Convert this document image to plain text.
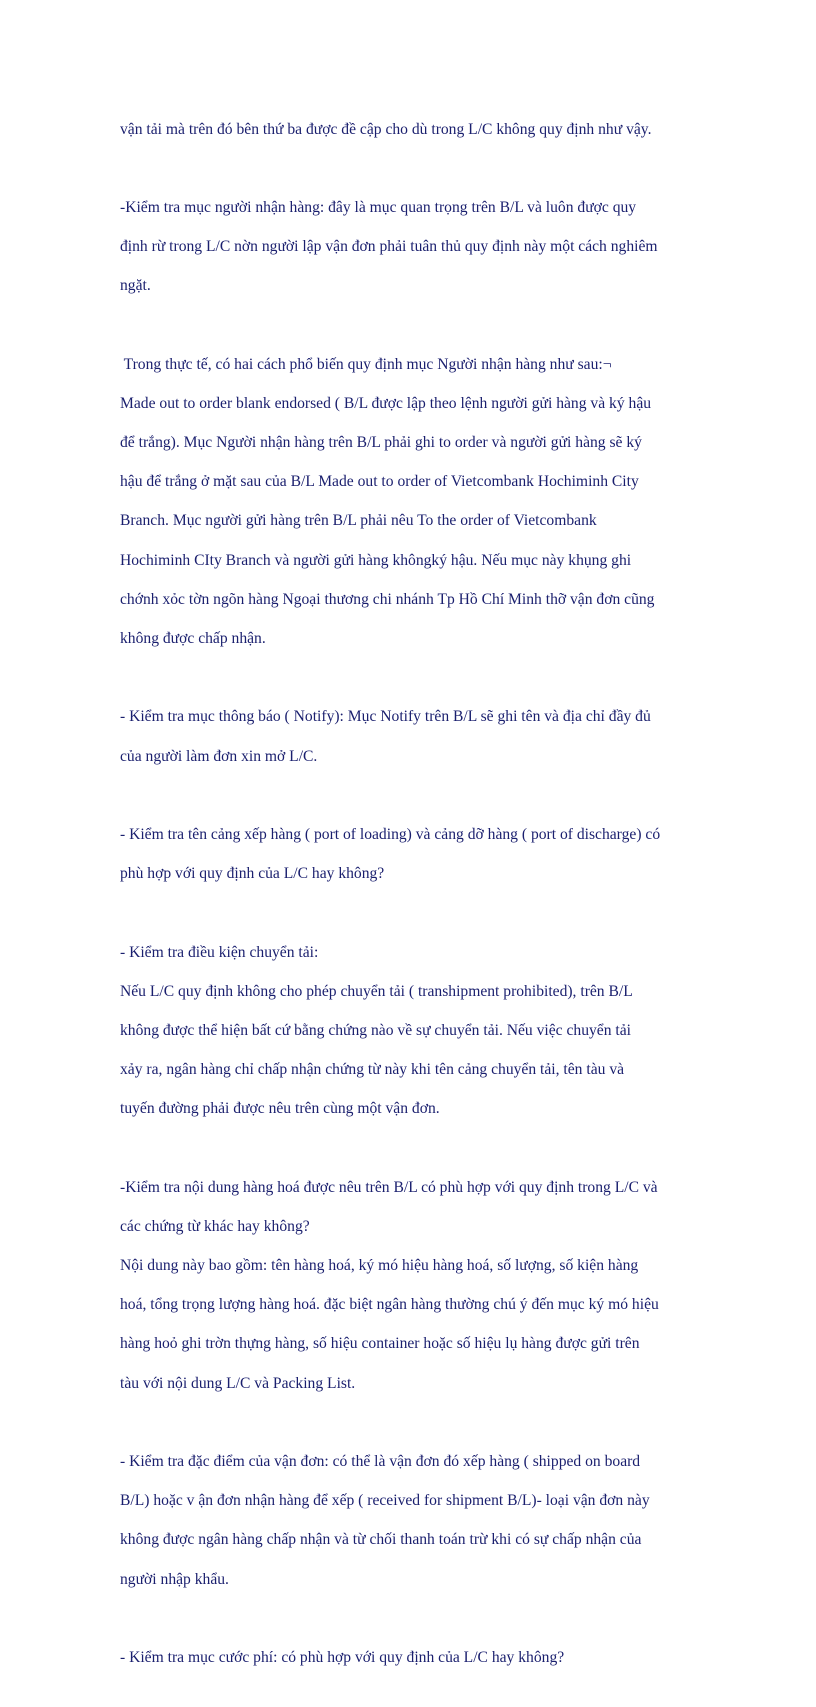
vận tải mà trên đó bên thứ ba được đề cập cho dù trong L/C không quy định như vậy.

-Kiểm tra mục người nhận hàng: đây là mục quan trọng trên B/L và luôn được quy

định rừ trong L/C nờn người lập vận đơn phải tuân thủ quy định này một cách nghiêm

ngặt.

Trong thực tế, có hai cách phổ biến quy định mục Người nhận hàng như sau:¬

Made out to order blank endorsed ( B/L được lập theo lệnh người gửi hàng và ký hậu

để trắng). Mục Người nhận hàng trên B/L phải ghi to order và người gửi hàng sẽ ký

hậu để trắng ở mặt sau của B/L Made out to order of Vietcombank Hochiminh City

Branch. Mục người gửi hàng trên B/L phải nêu To the order of Vietcombank

Hochiminh CIty Branch và người gửi hàng khôngký hậu. Nếu mục này khụng ghi

chớnh xỏc tờn ngõn hàng Ngoại thương chi nhánh Tp Hồ Chí Minh thỡ vận đơn cũng

không được chấp nhận.

- Kiểm tra mục thông báo ( Notify): Mục Notify trên B/L sẽ ghi tên và địa chỉ đầy đủ

của người làm đơn xin mở L/C.

- Kiểm tra tên cảng xếp hàng ( port of loading) và cảng dỡ hàng ( port of discharge) có

phù hợp với quy định của L/C hay không?

- Kiểm tra điều kiện chuyển tải:

Nếu L/C quy định không cho phép chuyển tải ( transhipment prohibited), trên B/L

không được thể hiện bất cứ bằng chứng nào về sự chuyển tải. Nếu việc chuyển tải

xảy ra, ngân hàng chỉ chấp nhận chứng từ này khi tên cảng chuyển tải, tên tàu và

tuyến đường phải được nêu trên cùng một vận đơn.

-Kiểm tra nội dung hàng hoá được nêu trên B/L có phù hợp với quy định trong L/C và

các chứng từ khác hay không?

Nội dung này bao gồm: tên hàng hoá, ký mó hiệu hàng hoá, số lượng, số kiện hàng

hoá, tổng trọng lượng hàng hoá. đặc biệt ngân hàng thường chú ý đến mục ký mó hiệu

hàng hoỏ ghi trờn thựng hàng, số hiệu container hoặc số hiệu lụ hàng được gửi trên

tàu với nội dung L/C và Packing List.

- Kiểm tra đặc điểm của vận đơn: có thể là vận đơn đó xếp hàng ( shipped on board

B/L) hoặc v ận đơn nhận hàng để xếp ( received for shipment B/L)- loại vận đơn này

không được ngân hàng chấp nhận và từ chối thanh toán trừ khi có sự chấp nhận của

người nhập khẩu.

- Kiểm tra mục cước phí: có phù hợp với quy định của L/C hay không?
